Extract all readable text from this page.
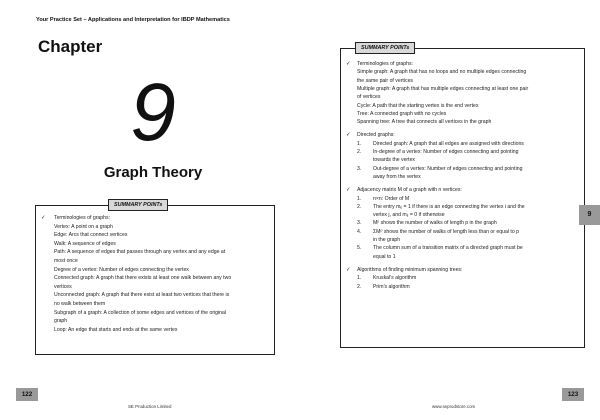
Your Practice Set – Applications and Interpretation for IBDP Mathematics
Chapter
9
Graph Theory
SUMMARY POINTs
✓ Terminologies of graphs:
Vertex: A point on a graph
Edge: Arcs that connect vertices
Walk: A sequence of edges
Path: A sequence of edges that passes through any vertex and any edge at
most once
Degree of a vertex: Number of edges connecting the vertex
Connected graph: A graph that there exists at least one walk between any two
vertices
Unconnected graph: A graph that there exist at least two vertices that there is
no walk between them
Subgraph of a graph: A collection of some edges and vertices of the original
graph
Loop: An edge that starts and ends at the same vertex
SUMMARY POINTs
✓ Terminologies of graphs:
Simple graph: A graph that has no loops and no multiple edges connecting
the same pair of vertices
Multiple graph: A graph that has multiple edges connecting at least one pair
of vertices
Cycle: A path that the starting vertex is the end vertex
Tree: A connected graph with no cycles
Spanning tree: A tree that connects all vertices in the graph
✓ Directed graphs:
1. Directed graph: A graph that all edges are assigned with directions
2. In-degree of a vertex: Number of edges connecting and pointing
towards the vertex
3. Out-degree of a vertex: Number of edges connecting and pointing
away from the vertex
✓ Adjacency matrix M of a graph with n vertices:
1. n×n: Order of M
2. The entry mᵢⱼ = 1 if there is an edge connecting the vertex i and the
vertex j, and mᵢⱼ = 0 if otherwise
3. Mᵖ shows the number of walks of length p in the graph
4. ΣMᵖ shows the number of walks of length less than or equal to p
in the graph
5. The column sum of a transition matrix of a directed graph must be
equal to 1
✓ Algorithms of finding minimum spanning trees:
1. Kruskal's algorithm
2. Prim's algorithm
9
122	123
SE Production Limited	www.seprodstore.com
